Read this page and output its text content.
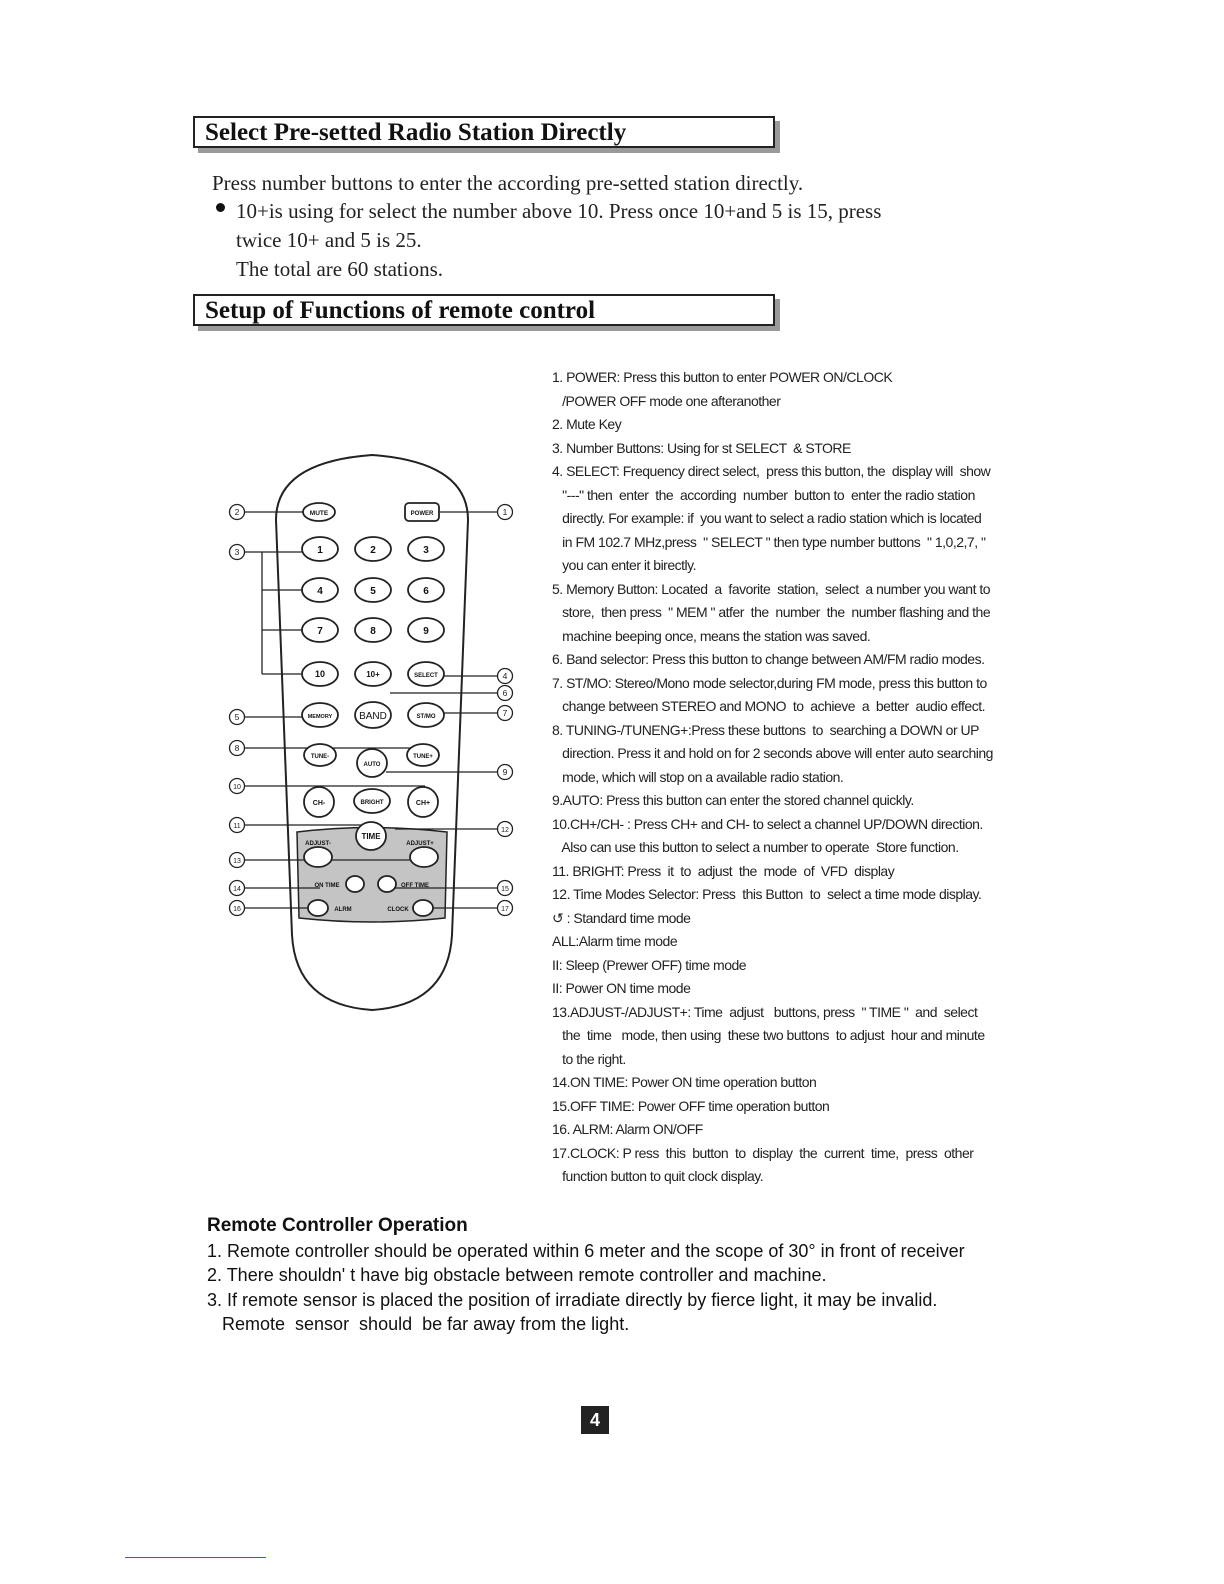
Select Pre-setted Radio Station Directly
Press number buttons to enter the according pre-setted station directly.
10+is using for select the number above 10. Press once 10+and 5 is 15, press
twice 10+ and 5 is 25.
The total are 60 stations.
Setup of Functions of remote control
2	1
3
4
6
5	7
8
9
10
11
12
13
14	15
16	17
MUTE	POWER
1	2	3
4	5	6
7	8	9
10	10+	SELECT
MEMORY	BAND	ST/MO
TUNE-
AUTO
TUNE+
CH-	BRIGHT	CH+
TIME
ADJUST-	ADJUST+
ON TIME	OFF TIME
ALRM	CLOCK

1. POWER: Press this button to enter POWER ON/CLOCK

/POWER OFF mode one afteranother

2. Mute Key

3. Number Buttons: Using for st SELECT  & STORE

4. SELECT: Frequency direct select,  press this button, the  display will  show

"---" then  enter  the  according  number  button to  enter the radio station

directly. For example: if  you want to select a radio station which is located

in FM 102.7 MHz,press  " SELECT " then type number buttons  " 1,0,2,7, "

you can enter it birectly.

5. Memory Button: Located  a  favorite  station,  select  a number you want to

store,  then press  " MEM " atfer  the  number  the  number flashing and the

machine beeping once, means the station was saved.

6. Band selector: Press this button to change between AM/FM radio modes.

7. ST/MO: Stereo/Mono mode selector,during FM mode, press this button to

change between STEREO and MONO  to  achieve  a  better  audio effect.

8. TUNING-/TUNENG+:Press these buttons  to  searching a DOWN or UP

direction. Press it and hold on for 2 seconds above will enter auto searching

mode, which will stop on a available radio station.

9.AUTO: Press this button can enter the stored channel quickly.

10.CH+/CH- : Press CH+ and CH- to select a channel UP/DOWN direction.

Also can use this button to select a number to operate  Store function.

11. BRIGHT: Press  it  to  adjust  the  mode  of  VFD  display

12. Time Modes Selector: Press  this Button  to  select a time mode display.

↺

: Standard time mode

ALL:Alarm time mode

II: Sleep (Prewer OFF) time mode

II: Power ON time mode

13.ADJUST-/ADJUST+: Time  adjust   buttons, press  " TIME "  and  select

the  time   mode, then using  these two buttons  to adjust  hour and minute

to the right.

14.ON TIME: Power ON time operation button

15.OFF TIME: Power OFF time operation button

16. ALRM: Alarm ON/OFF

17.CLOCK: P ress  this  button  to  display  the  current  time,  press  other

function button to quit clock display.

Remote Controller Operation

1. Remote controller should be operated within 6 meter and the scope of 30° in front of receiver

2. There shouldn' t have big obstacle between remote controller and machine.

3. If remote sensor is placed the position of irradiate directly by fierce light, it may be invalid.

Remote  sensor  should  be far away from the light.

4
